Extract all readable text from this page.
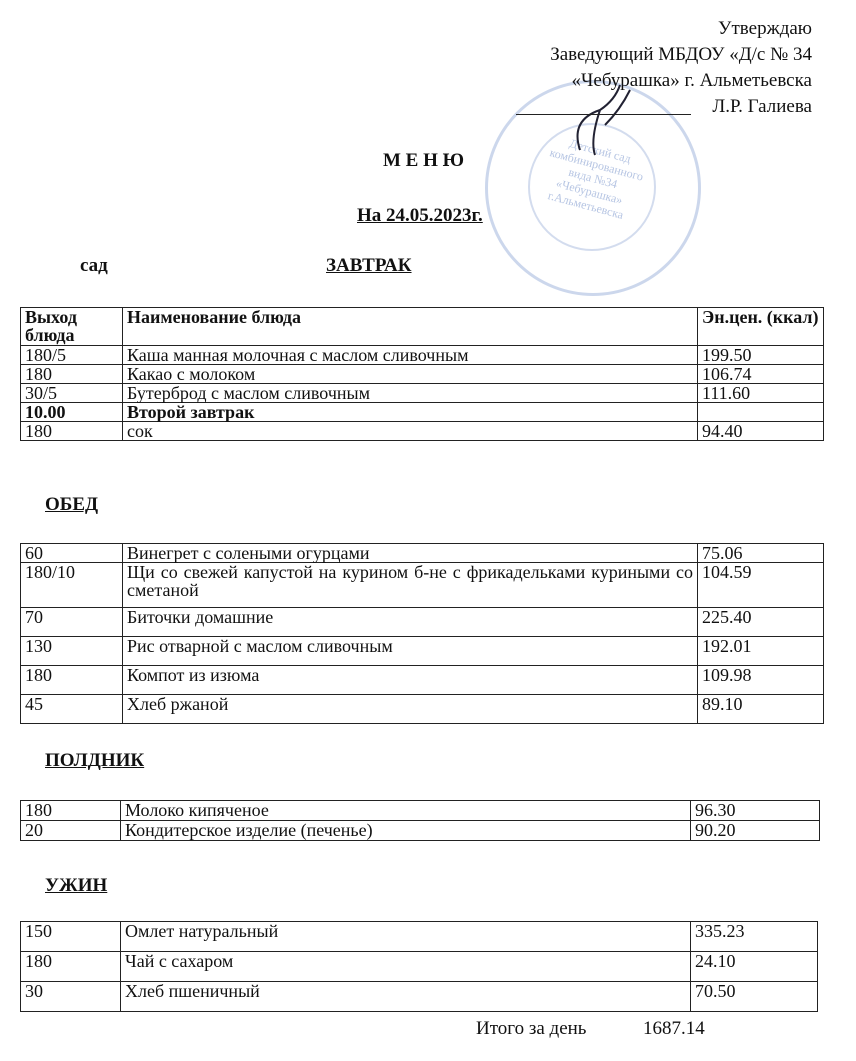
Детский сад комбинированного вида №34 «Чебурашка» г.Альметьевска
Утверждаю
Заведующий МБДОУ «Д/с № 34
«Чебурашка» г. Альметьевска
Л.Р. Галиева
М Е Н Ю
На 24.05.2023г.
сад	ЗАВТРАК
Выход блюда	Наименование блюда	Эн.цен. (ккал)
180/5	Каша манная молочная с маслом сливочным	199.50
180	Какао с молоком	106.74
30/5	Бутерброд с маслом сливочным	111.60
10.00	Второй завтрак	
180	сок	94.40
ОБЕД
60	Винегрет с солеными огурцами	75.06
180/10	Щи со свежей капустой на курином б-не с фрикадельками куриными со сметаной	104.59
70	Биточки домашние	225.40
130	Рис отварной с маслом сливочным	192.01
180	Компот из изюма	109.98
45	Хлеб ржаной	89.10
ПОЛДНИК
180	Молоко кипяченое	96.30
20	Кондитерское изделие (печенье)	90.20
УЖИН
150	Омлет натуральный	335.23
180	Чай с сахаром	24.10
30	Хлеб пшеничный	70.50
Итого за день	1687.14
